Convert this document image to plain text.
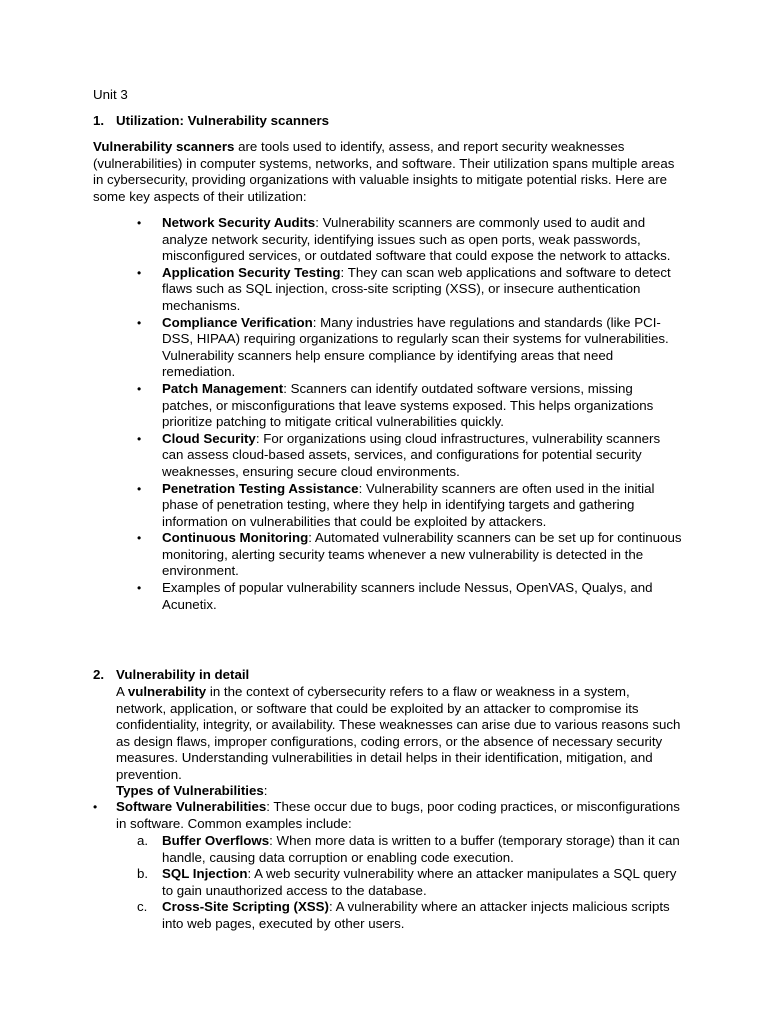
Unit 3

1. Utilization: Vulnerability scanners

Vulnerability scanners are tools used to identify, assess, and report security weaknesses (vulnerabilities) in computer systems, networks, and software. Their utilization spans multiple areas in cybersecurity, providing organizations with valuable insights to mitigate potential risks. Here are some key aspects of their utilization:

• Network Security Audits: Vulnerability scanners are commonly used to audit and analyze network security, identifying issues such as open ports, weak passwords, misconfigured services, or outdated software that could expose the network to attacks.
• Application Security Testing: They can scan web applications and software to detect flaws such as SQL injection, cross-site scripting (XSS), or insecure authentication mechanisms.
• Compliance Verification: Many industries have regulations and standards (like PCI-DSS, HIPAA) requiring organizations to regularly scan their systems for vulnerabilities. Vulnerability scanners help ensure compliance by identifying areas that need remediation.
• Patch Management: Scanners can identify outdated software versions, missing patches, or misconfigurations that leave systems exposed. This helps organizations prioritize patching to mitigate critical vulnerabilities quickly.
• Cloud Security: For organizations using cloud infrastructures, vulnerability scanners can assess cloud-based assets, services, and configurations for potential security weaknesses, ensuring secure cloud environments.
• Penetration Testing Assistance: Vulnerability scanners are often used in the initial phase of penetration testing, where they help in identifying targets and gathering information on vulnerabilities that could be exploited by attackers.
• Continuous Monitoring: Automated vulnerability scanners can be set up for continuous monitoring, alerting security teams whenever a new vulnerability is detected in the environment.
• Examples of popular vulnerability scanners include Nessus, OpenVAS, Qualys, and Acunetix.
2. Vulnerability in detail

A vulnerability in the context of cybersecurity refers to a flaw or weakness in a system, network, application, or software that could be exploited by an attacker to compromise its confidentiality, integrity, or availability. These weaknesses can arise due to various reasons such as design flaws, improper configurations, coding errors, or the absence of necessary security measures. Understanding vulnerabilities in detail helps in their identification, mitigation, and prevention.

Types of Vulnerabilities:

•	Software Vulnerabilities: These occur due to bugs, poor coding practices, or misconfigurations in software. Common examples include:
a. Buffer Overflows: When more data is written to a buffer (temporary storage) than it can handle, causing data corruption or enabling code execution.
b. SQL Injection: A web security vulnerability where an attacker manipulates a SQL query to gain unauthorized access to the database.
c. Cross-Site Scripting (XSS): A vulnerability where an attacker injects malicious scripts into web pages, executed by other users.
